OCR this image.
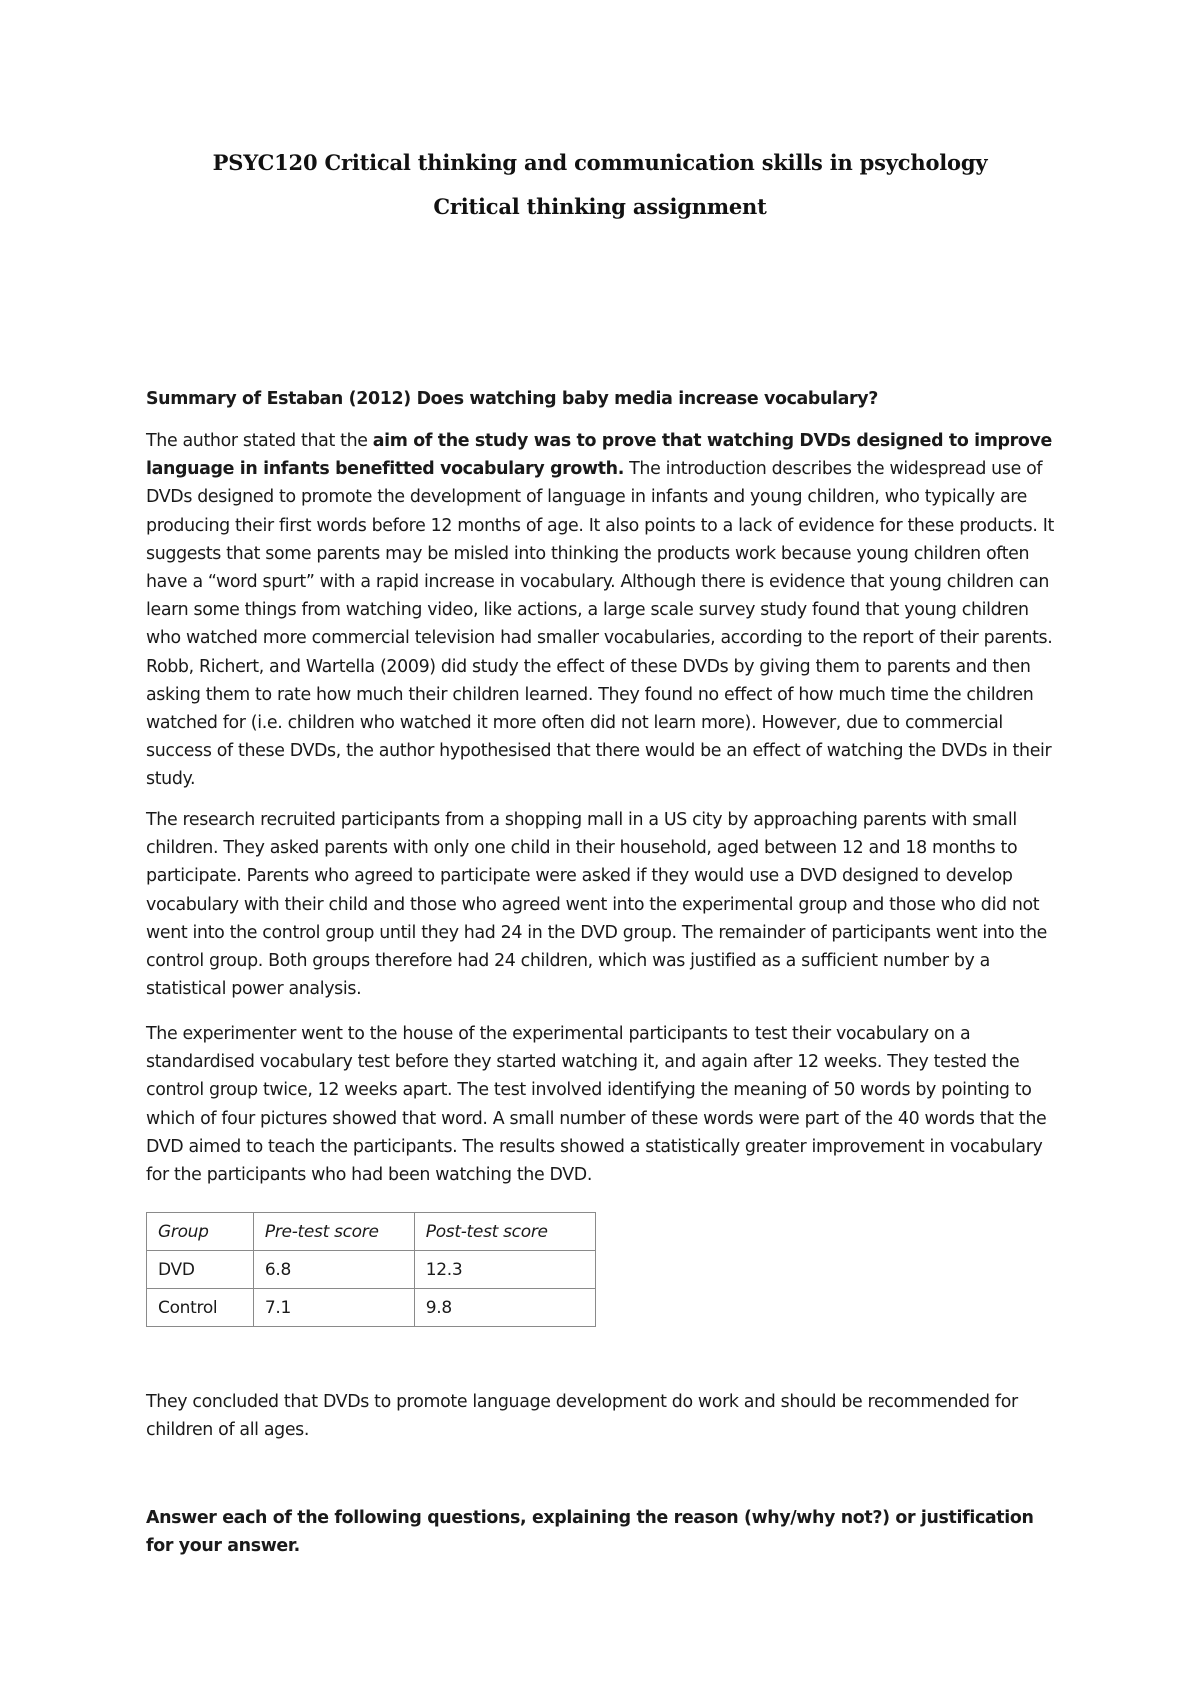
PSYC120 Critical thinking and communication skills in psychology
Critical thinking assignment

Summary of Estaban (2012) Does watching baby media increase vocabulary?

The author stated that the aim of the study was to prove that watching DVDs designed to improve language in infants benefitted vocabulary growth. The introduction describes the widespread use of DVDs designed to promote the development of language in infants and young children, who typically are producing their first words before 12 months of age. It also points to a lack of evidence for these products. It suggests that some parents may be misled into thinking the products work because young children often have a “word spurt” with a rapid increase in vocabulary. Although there is evidence that young children can learn some things from watching video, like actions, a large scale survey study found that young children who watched more commercial television had smaller vocabularies, according to the report of their parents. Robb, Richert, and Wartella (2009) did study the effect of these DVDs by giving them to parents and then asking them to rate how much their children learned. They found no effect of how much time the children watched for (i.e. children who watched it more often did not learn more). However, due to commercial success of these DVDs, the author hypothesised that there would be an effect of watching the DVDs in their study.

The research recruited participants from a shopping mall in a US city by approaching parents with small children. They asked parents with only one child in their household, aged between 12 and 18 months to participate. Parents who agreed to participate were asked if they would use a DVD designed to develop vocabulary with their child and those who agreed went into the experimental group and those who did not went into the control group until they had 24 in the DVD group. The remainder of participants went into the control group. Both groups therefore had 24 children, which was justified as a sufficient number by a statistical power analysis.

The experimenter went to the house of the experimental participants to test their vocabulary on a standardised vocabulary test before they started watching it, and again after 12 weeks. They tested the control group twice, 12 weeks apart. The test involved identifying the meaning of 50 words by pointing to which of four pictures showed that word. A small number of these words were part of the 40 words that the DVD aimed to teach the participants. The results showed a statistically greater improvement in vocabulary for the participants who had been watching the DVD.

Group	Pre-test score	Post-test score
DVD	6.8	12.3
Control	7.1	9.8

They concluded that DVDs to promote language development do work and should be recommended for children of all ages.

Answer each of the following questions, explaining the reason (why/why not?) or justification for your answer.
